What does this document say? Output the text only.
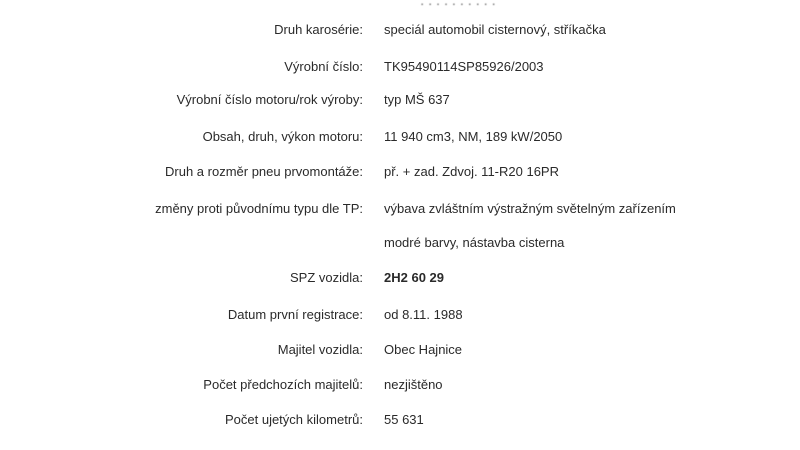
· · · · · · · · · ·
Druh karosérie: speciál automobil cisternový, stříkačka
Výrobní číslo: TK95490114SP85926/2003
Výrobní číslo motoru/rok výroby: typ MŠ 637
Obsah, druh, výkon motoru: 11 940 cm3, NM, 189 kW/2050
Druh a rozměr pneu prvomontáže: př. + zad. Zdvoj. 11-R20 16PR
změny proti původnímu typu dle TP: výbava zvláštním výstražným světelným zařízením
modré barvy, nástavba cisterna
SPZ vozidla: 2H2 60 29
Datum první registrace: od 8.11. 1988
Majitel vozidla: Obec Hajnice
Počet předchozích majitelů: nezjištěno
Počet ujetých kilometrů: 55 631
